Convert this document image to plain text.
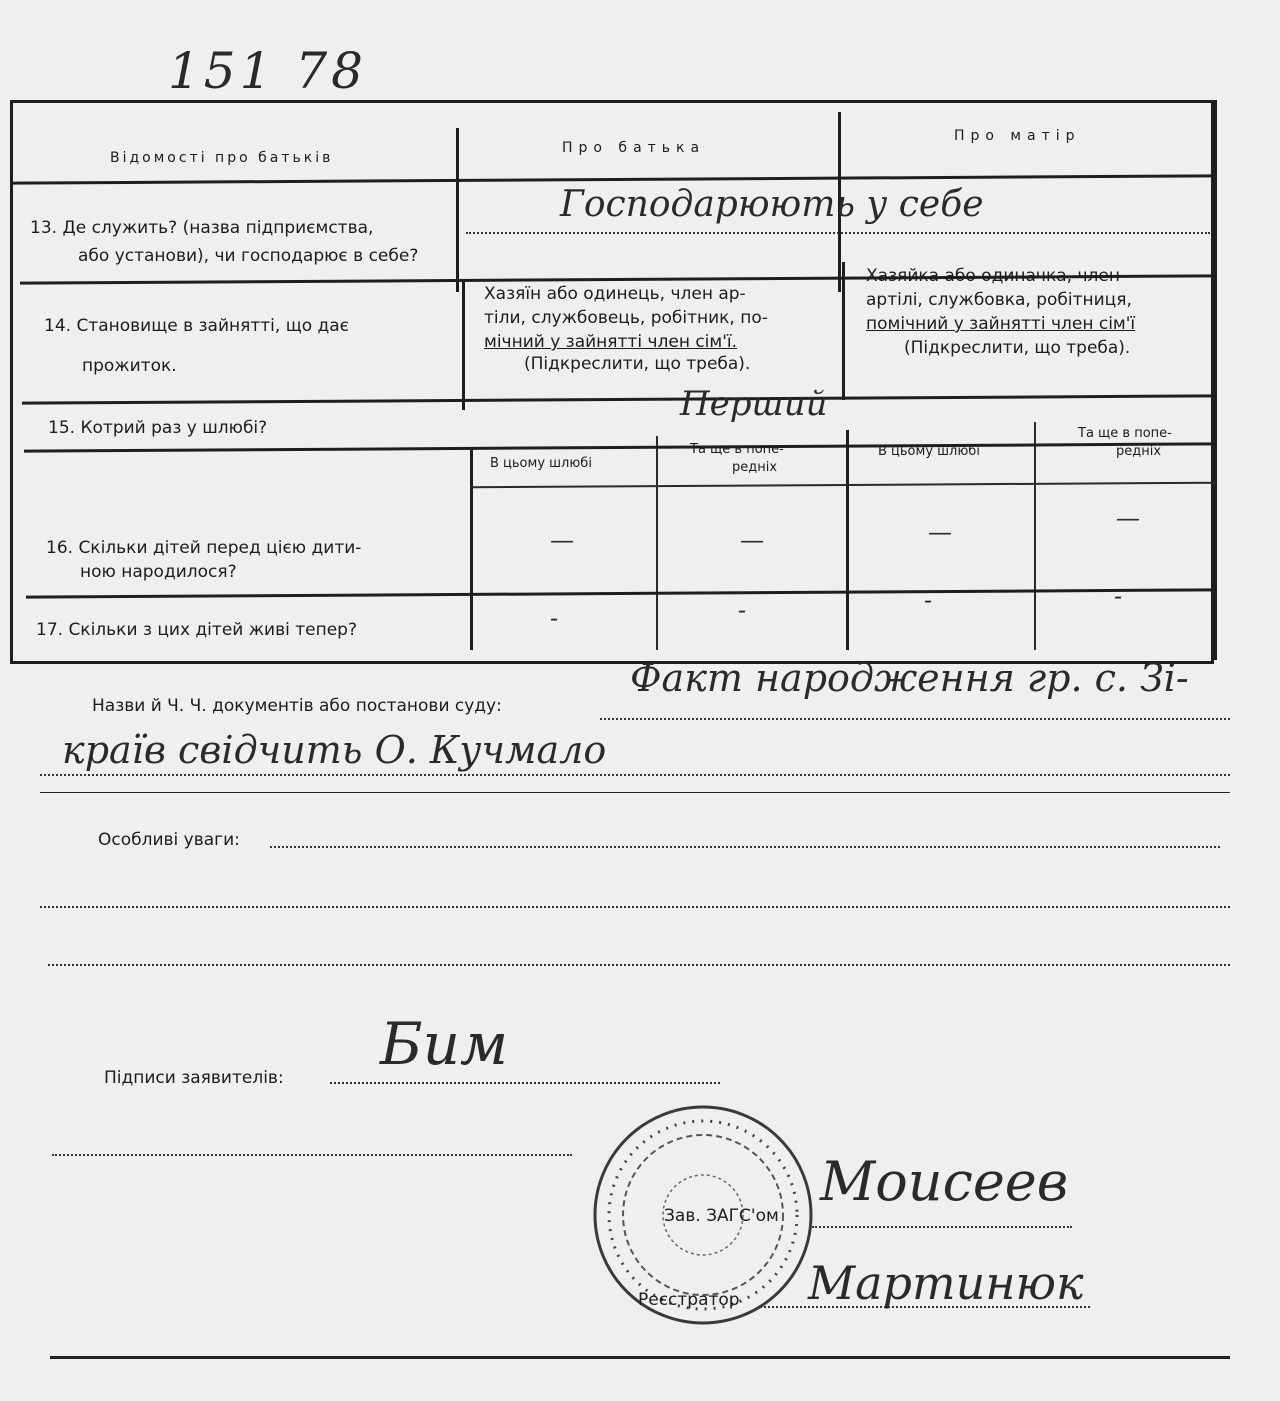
151 78
Відомості про батьків
Про батька
Про матір
13. Де служить? (назва підприємства,
або установи), чи господарює в себе?
Господарюють у себе
14. Становище в зайнятті, що дає
прожиток.
Хазяїн або одинець, член ар-
тіли, службовець, робітник, по-
мічний у зайнятті член сім'ї.
(Підкреслити, що треба).
Хазяйка або одиначка, член
артілі, службовка, робітниця,
помічний у зайнятті член сім'ї
(Підкреслити, що треба).
15. Котрий раз у шлюбі?
Перший
В цьому шлюбі
Та ще в попе-
редніх
В цьому шлюбі
Та ще в попе-
редніх
16. Скільки дітей перед цією дити-
ною народилося?
—	—	—	—
17. Скільки з цих дітей живі тепер?	-	-	-	-
Назви й Ч. Ч. документів або постанови суду:
Факт народження гр. с. Зі-
країв свідчить О. Кучмало
Особливі уваги:
Підписи заявителів: Бим
Зав. ЗАГС'ом
Моисеев
Реєстратор Мартинюк
